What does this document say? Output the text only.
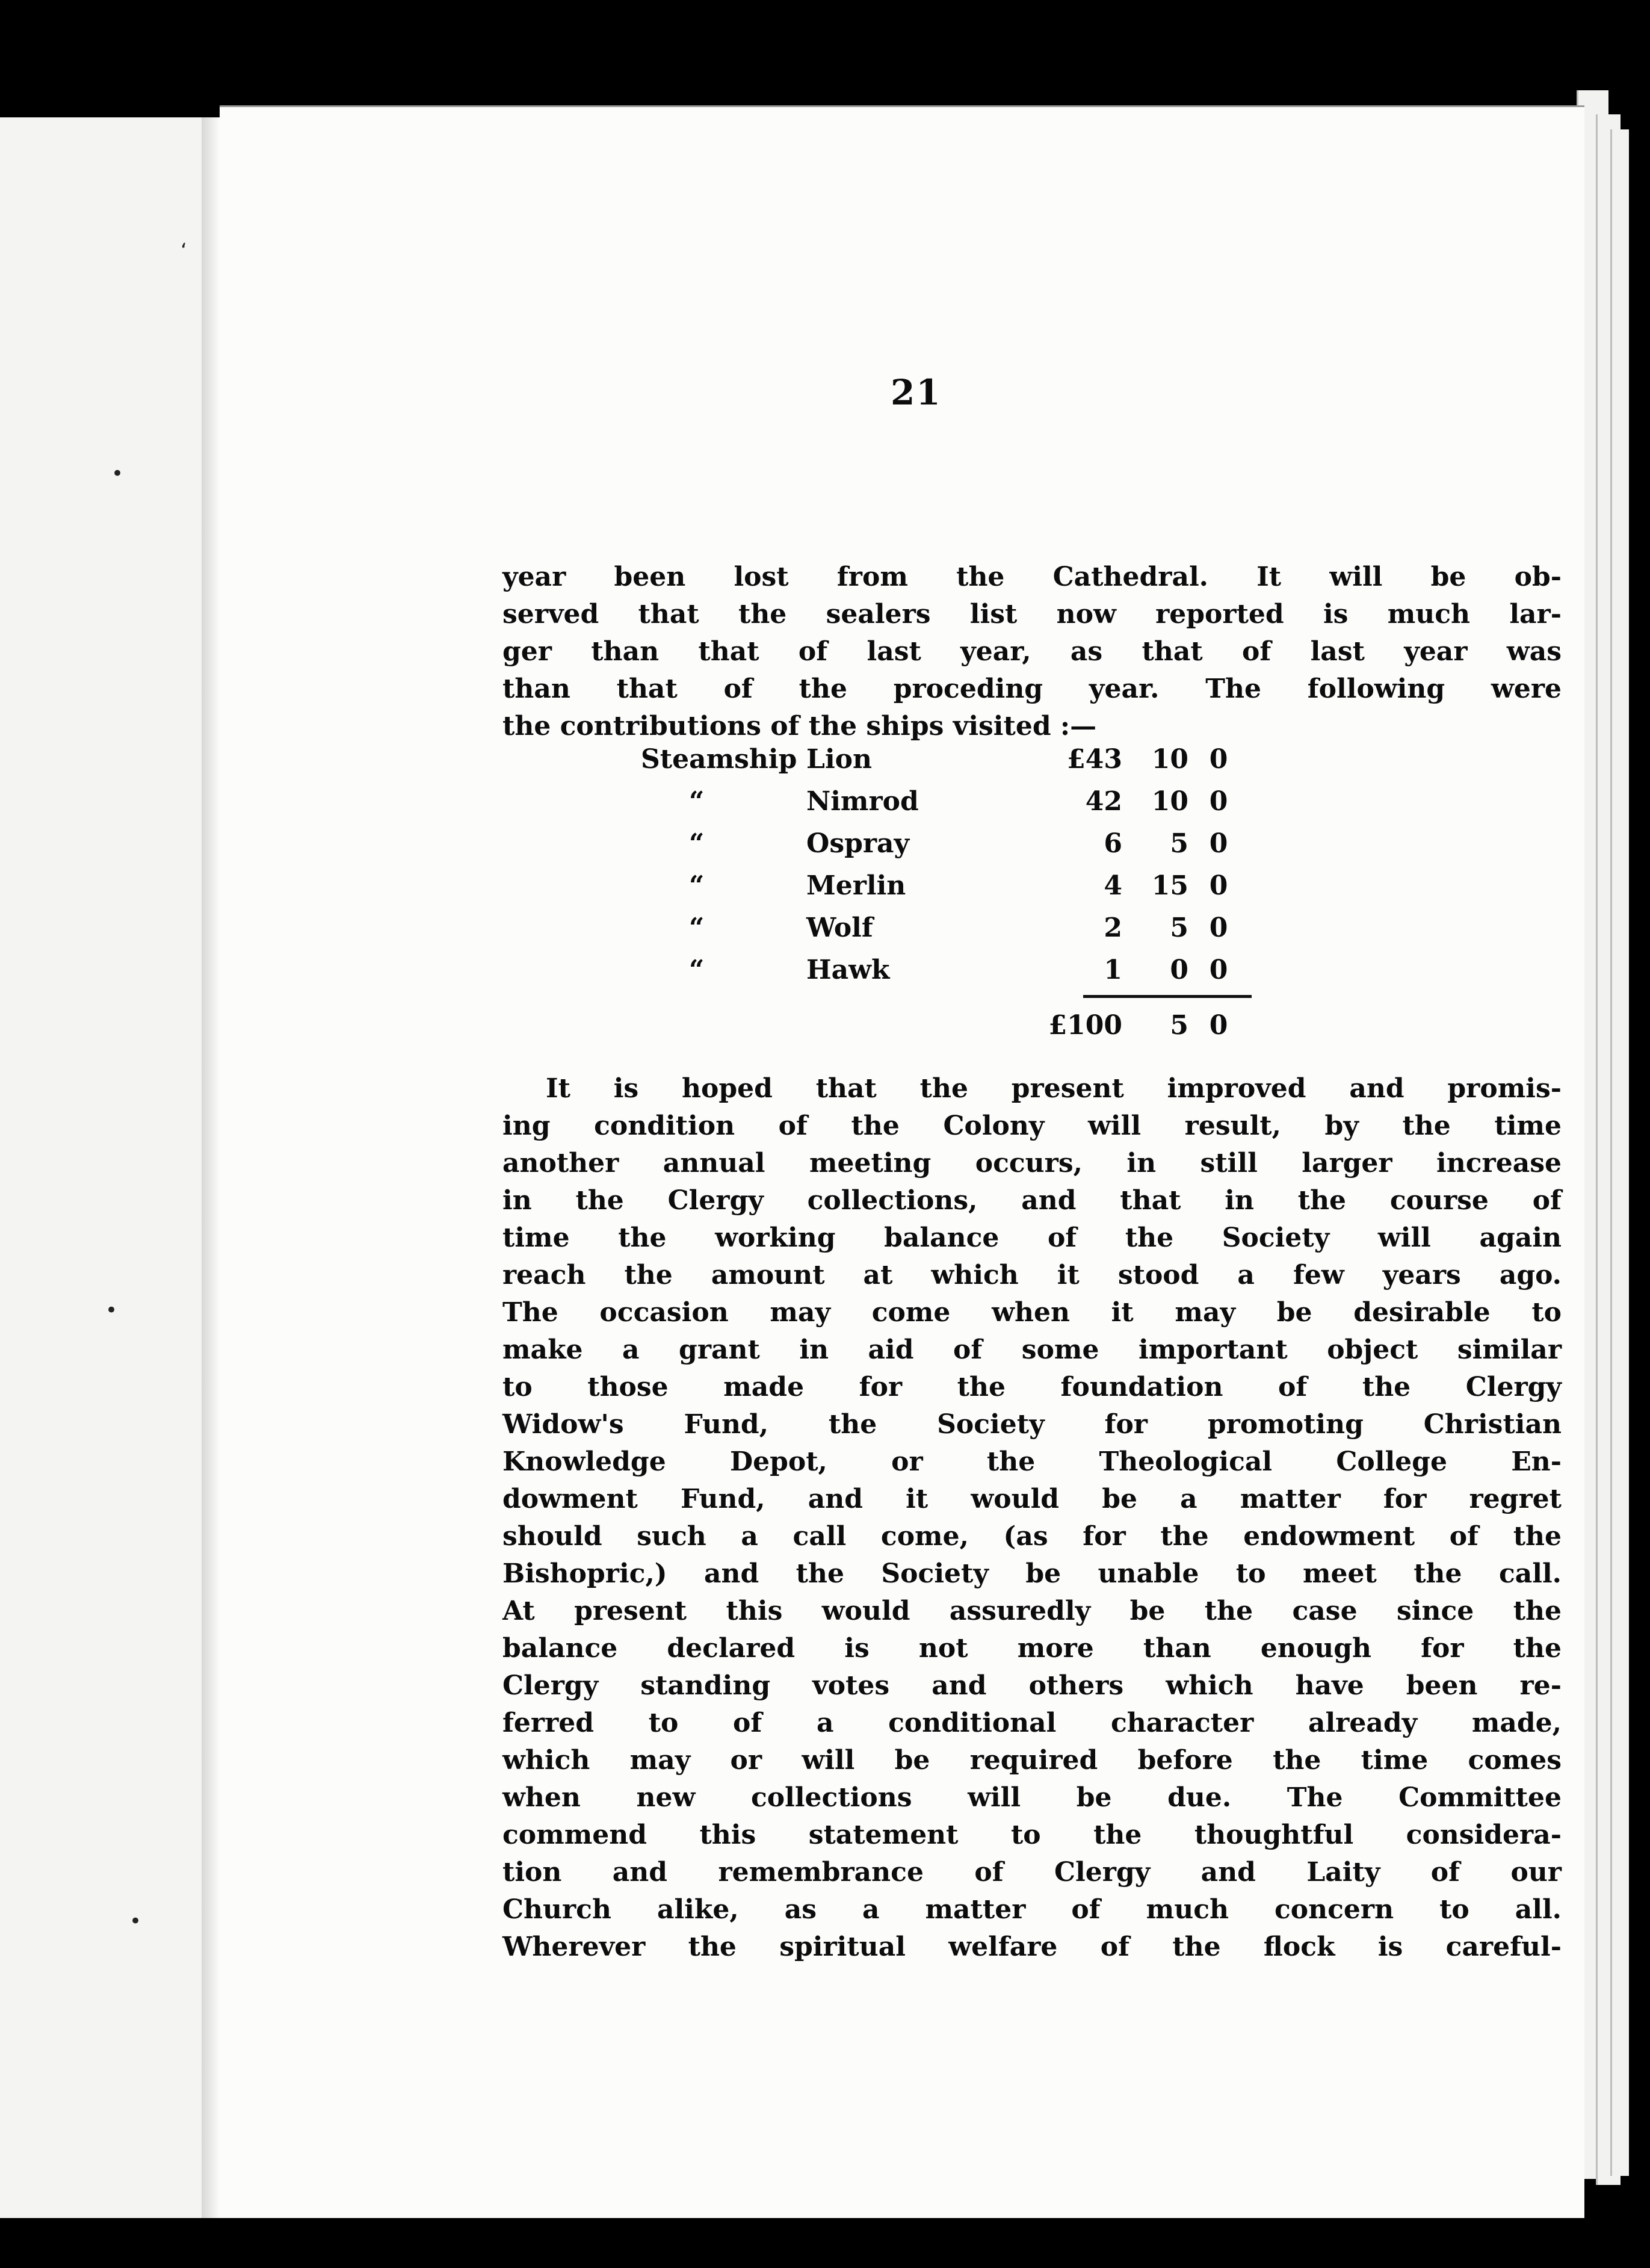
‘
•
•
•
21
year been lost from the Cathedral. It will be ob-
served that the sealers list now reported is much lar-
ger than that of last year, as that of last year was
than that of the proceding year. The following were
the contributions of the ships visited :—
Steamship Lion	£43	10 0
“	Nimrod	42	10 0
“	Ospray	6	5 0
“	Merlin	4	15 0
“	Wolf	2	5 0
“	Hawk	1	0 0
£100	5 0
It is hoped that the present improved and promis-
ing condition of the Colony will result, by the time
another annual meeting occurs, in still larger increase
in the Clergy collections, and that in the course of
time the working balance of the Society will again
reach the amount at which it stood a few years ago.
The occasion may come when it may be desirable to
make a grant in aid of some important object similar
to those made for the foundation of the Clergy
Widow's Fund, the Society for promoting Christian
Knowledge Depot, or the Theological College En-
dowment Fund, and it would be a matter for regret
should such a call come, (as for the endowment of the
Bishopric,) and the Society be unable to meet the call.
At present this would assuredly be the case since the
balance declared is not more than enough for the
Clergy standing votes and others which have been re-
ferred to of a conditional character already made,
which may or will be required before the time comes
when new collections will be due. The Committee
commend this statement to the thoughtful considera-
tion and remembrance of Clergy and Laity of our
Church alike, as a matter of much concern to all.
Wherever the spiritual welfare of the flock is careful-
